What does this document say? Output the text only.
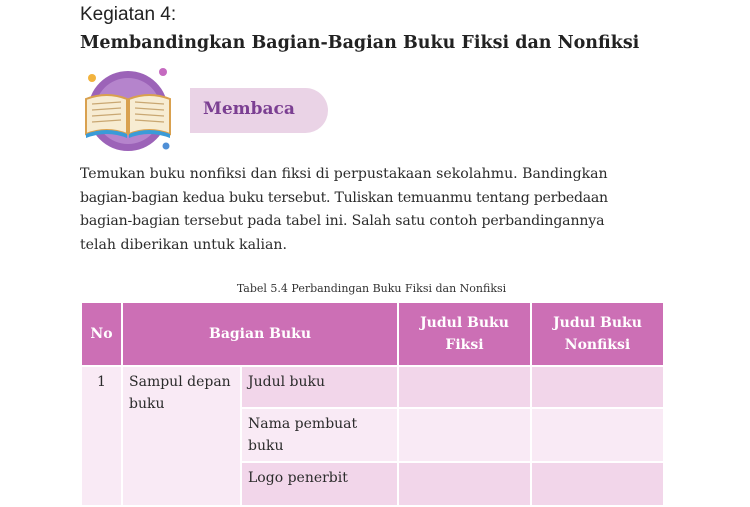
Kegiatan 4:
Membandingkan Bagian-Bagian Buku Fiksi dan Nonfiksi
Membaca
Temukan buku nonfiksi dan fiksi di perpustakaan sekolahmu. Bandingkan
bagian-bagian kedua buku tersebut. Tuliskan temuanmu tentang perbedaan
bagian-bagian tersebut pada tabel ini. Salah satu contoh perbandingannya
telah diberikan untuk kalian.
Tabel 5.4 Perbandingan Buku Fiksi dan Nonfiksi
No	Bagian Buku		Judul Buku Fiksi	Judul Buku Nonfiksi

1	Sampul depan buku	Judul buku		

		Nama pembuat buku		

		Logo penerbit		
